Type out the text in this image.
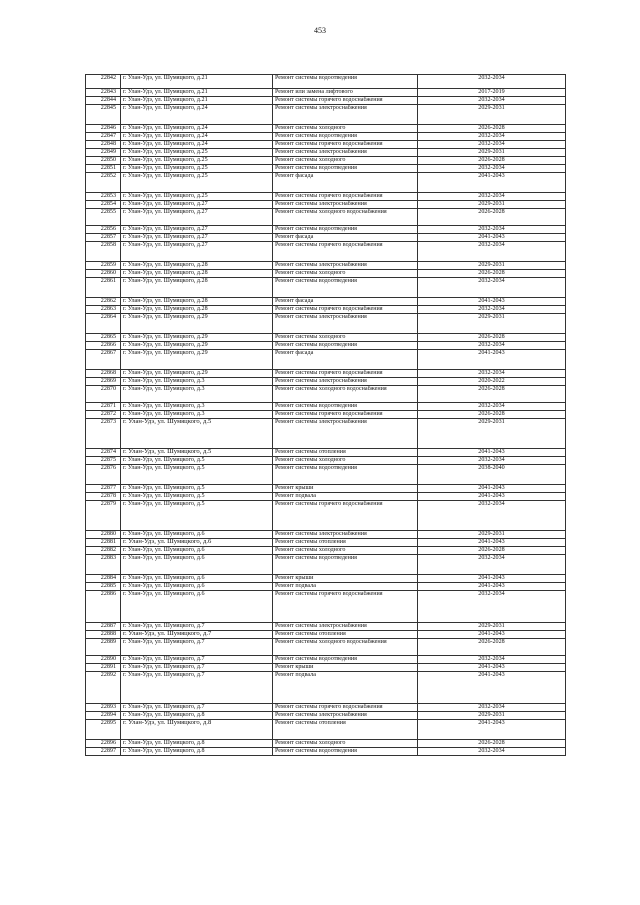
453
22842	г. Улан-Удэ, ул. Шумяцкого, д.21	Ремонт системы водоотведения	2032-2034
22843	г. Улан-Удэ, ул. Шумяцкого, д.21	Ремонт или замена лифтового	2017-2019
22844	г. Улан-Удэ, ул. Шумяцкого, д.21	Ремонт системы горячего водоснабжения	2032-2034
22845	г. Улан-Удэ, ул. Шумяцкого, д.24	Ремонт системы электроснабжения	2029-2031
22846	г. Улан-Удэ, ул. Шумяцкого, д.24	Ремонт системы холодного	2026-2028
22847	г. Улан-Удэ, ул. Шумяцкого, д.24	Ремонт системы водоотведения	2032-2034
22848	г. Улан-Удэ, ул. Шумяцкого, д.24	Ремонт системы горячего водоснабжения	2032-2034
22849	г. Улан-Удэ, ул. Шумяцкого, д.25	Ремонт системы электроснабжения	2029-2031
22850	г. Улан-Удэ, ул. Шумяцкого, д.25	Ремонт системы холодного	2026-2028
22851	г. Улан-Удэ, ул. Шумяцкого, д.25	Ремонт системы водоотведения	2032-2034
22852	г. Улан-Удэ, ул. Шумяцкого, д.25	Ремонт фасада	2041-2043
22853	г. Улан-Удэ, ул. Шумяцкого, д.25	Ремонт системы горячего водоснабжения	2032-2034
22854	г. Улан-Удэ, ул. Шумяцкого, д.27	Ремонт системы электроснабжения	2029-2031
22855	г. Улан-Удэ, ул. Шумяцкого, д.27	Ремонт системы холодного водоснабжения	2026-2028
22856	г. Улан-Удэ, ул. Шумяцкого, д.27	Ремонт системы водоотведения	2032-2034
22857	г. Улан-Удэ, ул. Шумяцкого, д.27	Ремонт фасада	2041-2043
22858	г. Улан-Удэ, ул. Шумяцкого, д.27	Ремонт системы горячего водоснабжения	2032-2034
22859	г. Улан-Удэ, ул. Шумяцкого, д.28	Ремонт системы электроснабжения	2029-2031
22860	г. Улан-Удэ, ул. Шумяцкого, д.28	Ремонт системы холодного	2026-2028
22861	г. Улан-Удэ, ул. Шумяцкого, д.28	Ремонт системы водоотведения	2032-2034
22862	г. Улан-Удэ, ул. Шумяцкого, д.28	Ремонт фасада	2041-2043
22863	г. Улан-Удэ, ул. Шумяцкого, д.28	Ремонт системы горячего водоснабжения	2032-2034
22864	г. Улан-Удэ, ул. Шумяцкого, д.29	Ремонт системы электроснабжения	2029-2031
22865	г. Улан-Удэ, ул. Шумяцкого, д.29	Ремонт системы холодного	2026-2028
22866	г. Улан-Удэ, ул. Шумяцкого, д.29	Ремонт системы водоотведения	2032-2034
22867	г. Улан-Удэ, ул. Шумяцкого, д.29	Ремонт фасада	2041-2043
22868	г. Улан-Удэ, ул. Шумяцкого, д.29	Ремонт системы горячего водоснабжения	2032-2034
22869	г. Улан-Удэ, ул. Шумяцкого, д.3	Ремонт системы электроснабжения	2020-2022
22870	г. Улан-Удэ, ул. Шумяцкого, д.3	Ремонт системы холодного водоснабжения	2026-2028
22871	г. Улан-Удэ, ул. Шумяцкого, д.3	Ремонт системы водоотведения	2032-2034
22872	г. Улан-Удэ, ул. Шумяцкого, д.3	Ремонт системы горячего водоснабжения	2026-2028
22873	г. Улан-Удэ, ул. Шумяцкого, д.5	Ремонт системы электроснабжения	2029-2031
22874	г. Улан-Удэ, ул. Шумяцкого, д.5	Ремонт системы отопления	2041-2043
22875	г. Улан-Удэ, ул. Шумяцкого, д.5	Ремонт системы холодного	2032-2034
22876	г. Улан-Удэ, ул. Шумяцкого, д.5	Ремонт системы водоотведения	2038-2040
22877	г. Улан-Удэ, ул. Шумяцкого, д.5	Ремонт крыши	2041-2043
22878	г. Улан-Удэ, ул. Шумяцкого, д.5	Ремонт подвала	2041-2043
22879	г. Улан-Удэ, ул. Шумяцкого, д.5	Ремонт системы горячего водоснабжения	2032-2034
22880	г. Улан-Удэ, ул. Шумяцкого, д.6	Ремонт системы электроснабжения	2029-2031
22881	г. Улан-Удэ, ул. Шумяцкого, д.6	Ремонт системы отопления	2041-2043
22882	г. Улан-Удэ, ул. Шумяцкого, д.6	Ремонт системы холодного	2026-2028
22883	г. Улан-Удэ, ул. Шумяцкого, д.6	Ремонт системы водоотведения	2032-2034
22884	г. Улан-Удэ, ул. Шумяцкого, д.6	Ремонт крыши	2041-2043
22885	г. Улан-Удэ, ул. Шумяцкого, д.6	Ремонт подвала	2041-2043
22886	г. Улан-Удэ, ул. Шумяцкого, д.6	Ремонт системы горячего водоснабжения	2032-2034
22887	г. Улан-Удэ, ул. Шумяцкого, д.7	Ремонт системы электроснабжения	2029-2031
22888	г. Улан-Удэ, ул. Шумяцкого, д.7	Ремонт системы отопления	2041-2043
22889	г. Улан-Удэ, ул. Шумяцкого, д.7	Ремонт системы холодного водоснабжения	2026-2028
22890	г. Улан-Удэ, ул. Шумяцкого, д.7	Ремонт системы водоотведения	2032-2034
22891	г. Улан-Удэ, ул. Шумяцкого, д.7	Ремонт крыши	2041-2043
22892	г. Улан-Удэ, ул. Шумяцкого, д.7	Ремонт подвала	2041-2043
22893	г. Улан-Удэ, ул. Шумяцкого, д.7	Ремонт системы горячего водоснабжения	2032-2034
22894	г. Улан-Удэ, ул. Шумяцкого, д.8	Ремонт системы электроснабжения	2029-2031
22895	г. Улан-Удэ, ул. Шумяцкого, д.8	Ремонт системы отопления	2041-2043
22896	г. Улан-Удэ, ул. Шумяцкого, д.8	Ремонт системы холодного	2026-2028
22897	г. Улан-Удэ, ул. Шумяцкого, д.8	Ремонт системы водоотведения	2032-2034
